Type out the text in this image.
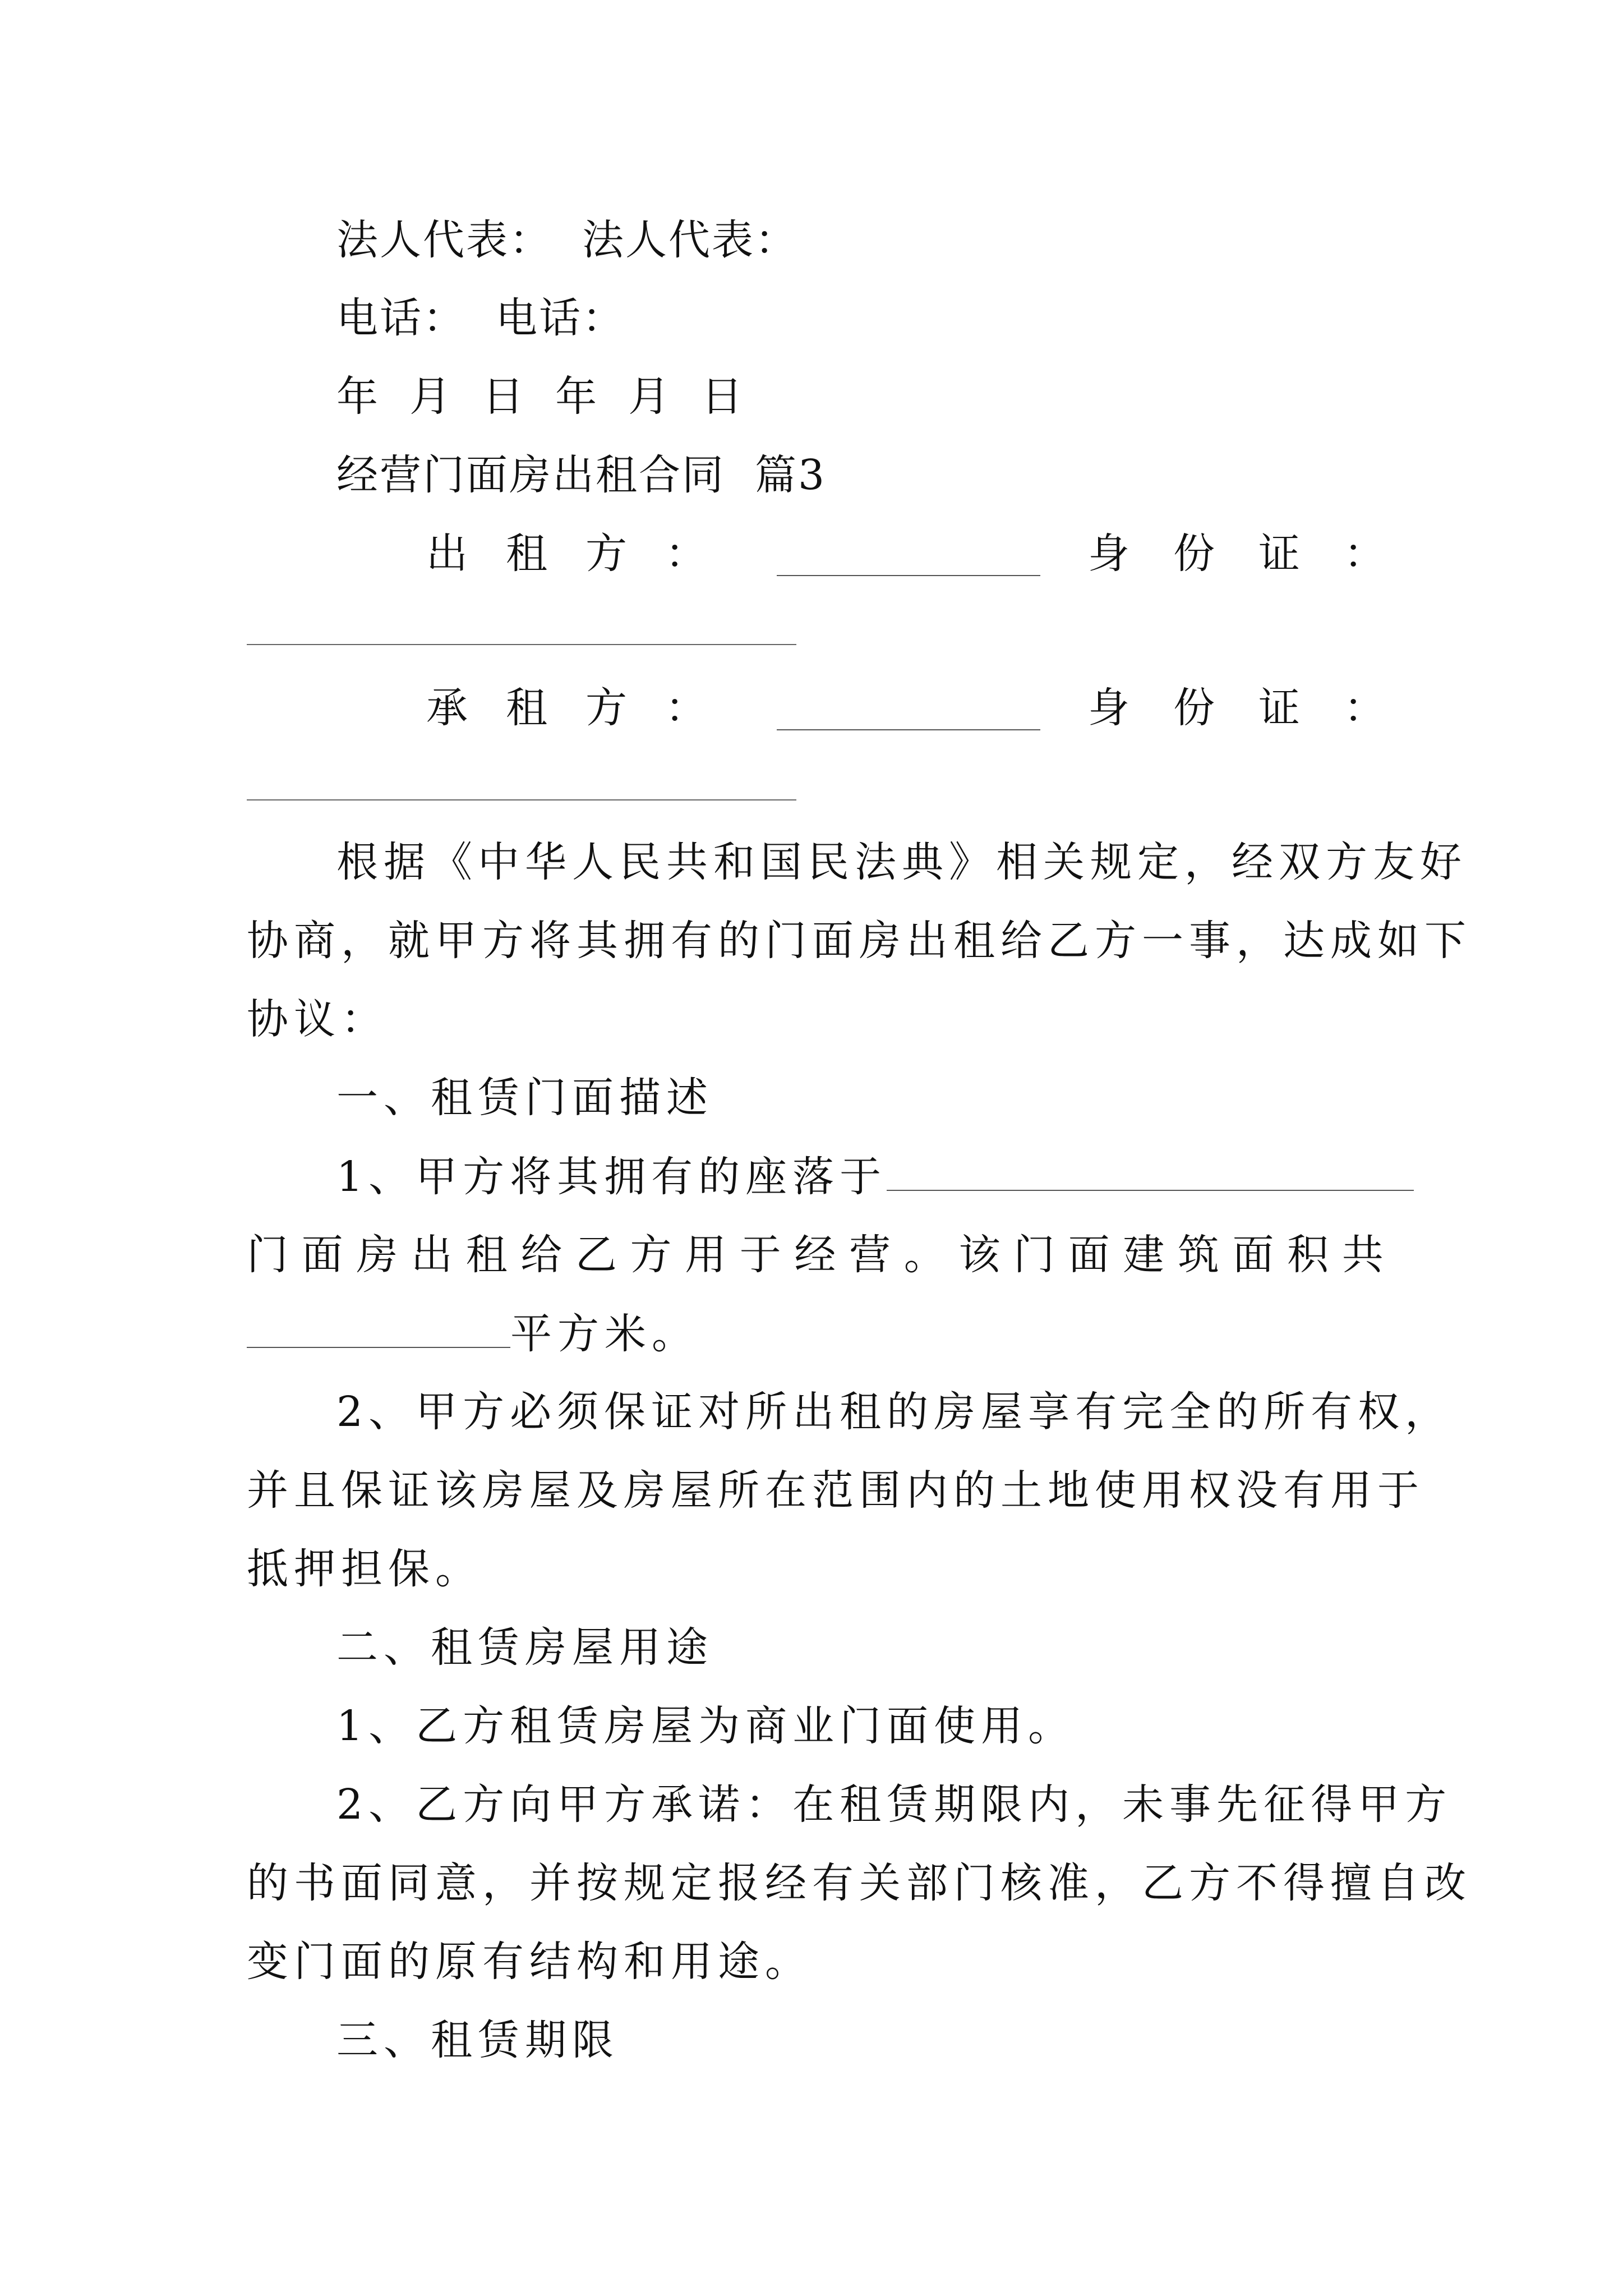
法人代表：  法人代表：

电话：  电话：

年  月  日  年  月  日

经营门面房出租合同  篇3

出 租 方 ：	身 份 证 ：
承 租 方 ：	身 份 证 ：

根据《中华人民共和国民法典》相关规定，经双方友好

协商，就甲方将其拥有的门面房出租给乙方一事，达成如下

协议：

一、租赁门面描述

1、甲方将其拥有的座落于

门 面 房 出 租 给 乙 方 用 于 经 营 。 该 门 面 建 筑 面 积 共

平方米。

2、甲方必须保证对所出租的房屋享有完全的所有权，

并且保证该房屋及房屋所在范围内的土地使用权没有用于

抵押担保。

二、租赁房屋用途

1、乙方租赁房屋为商业门面使用。

2、乙方向甲方承诺：在租赁期限内，未事先征得甲方

的书面同意，并按规定报经有关部门核准，乙方不得擅自改

变门面的原有结构和用途。

三、租赁期限
